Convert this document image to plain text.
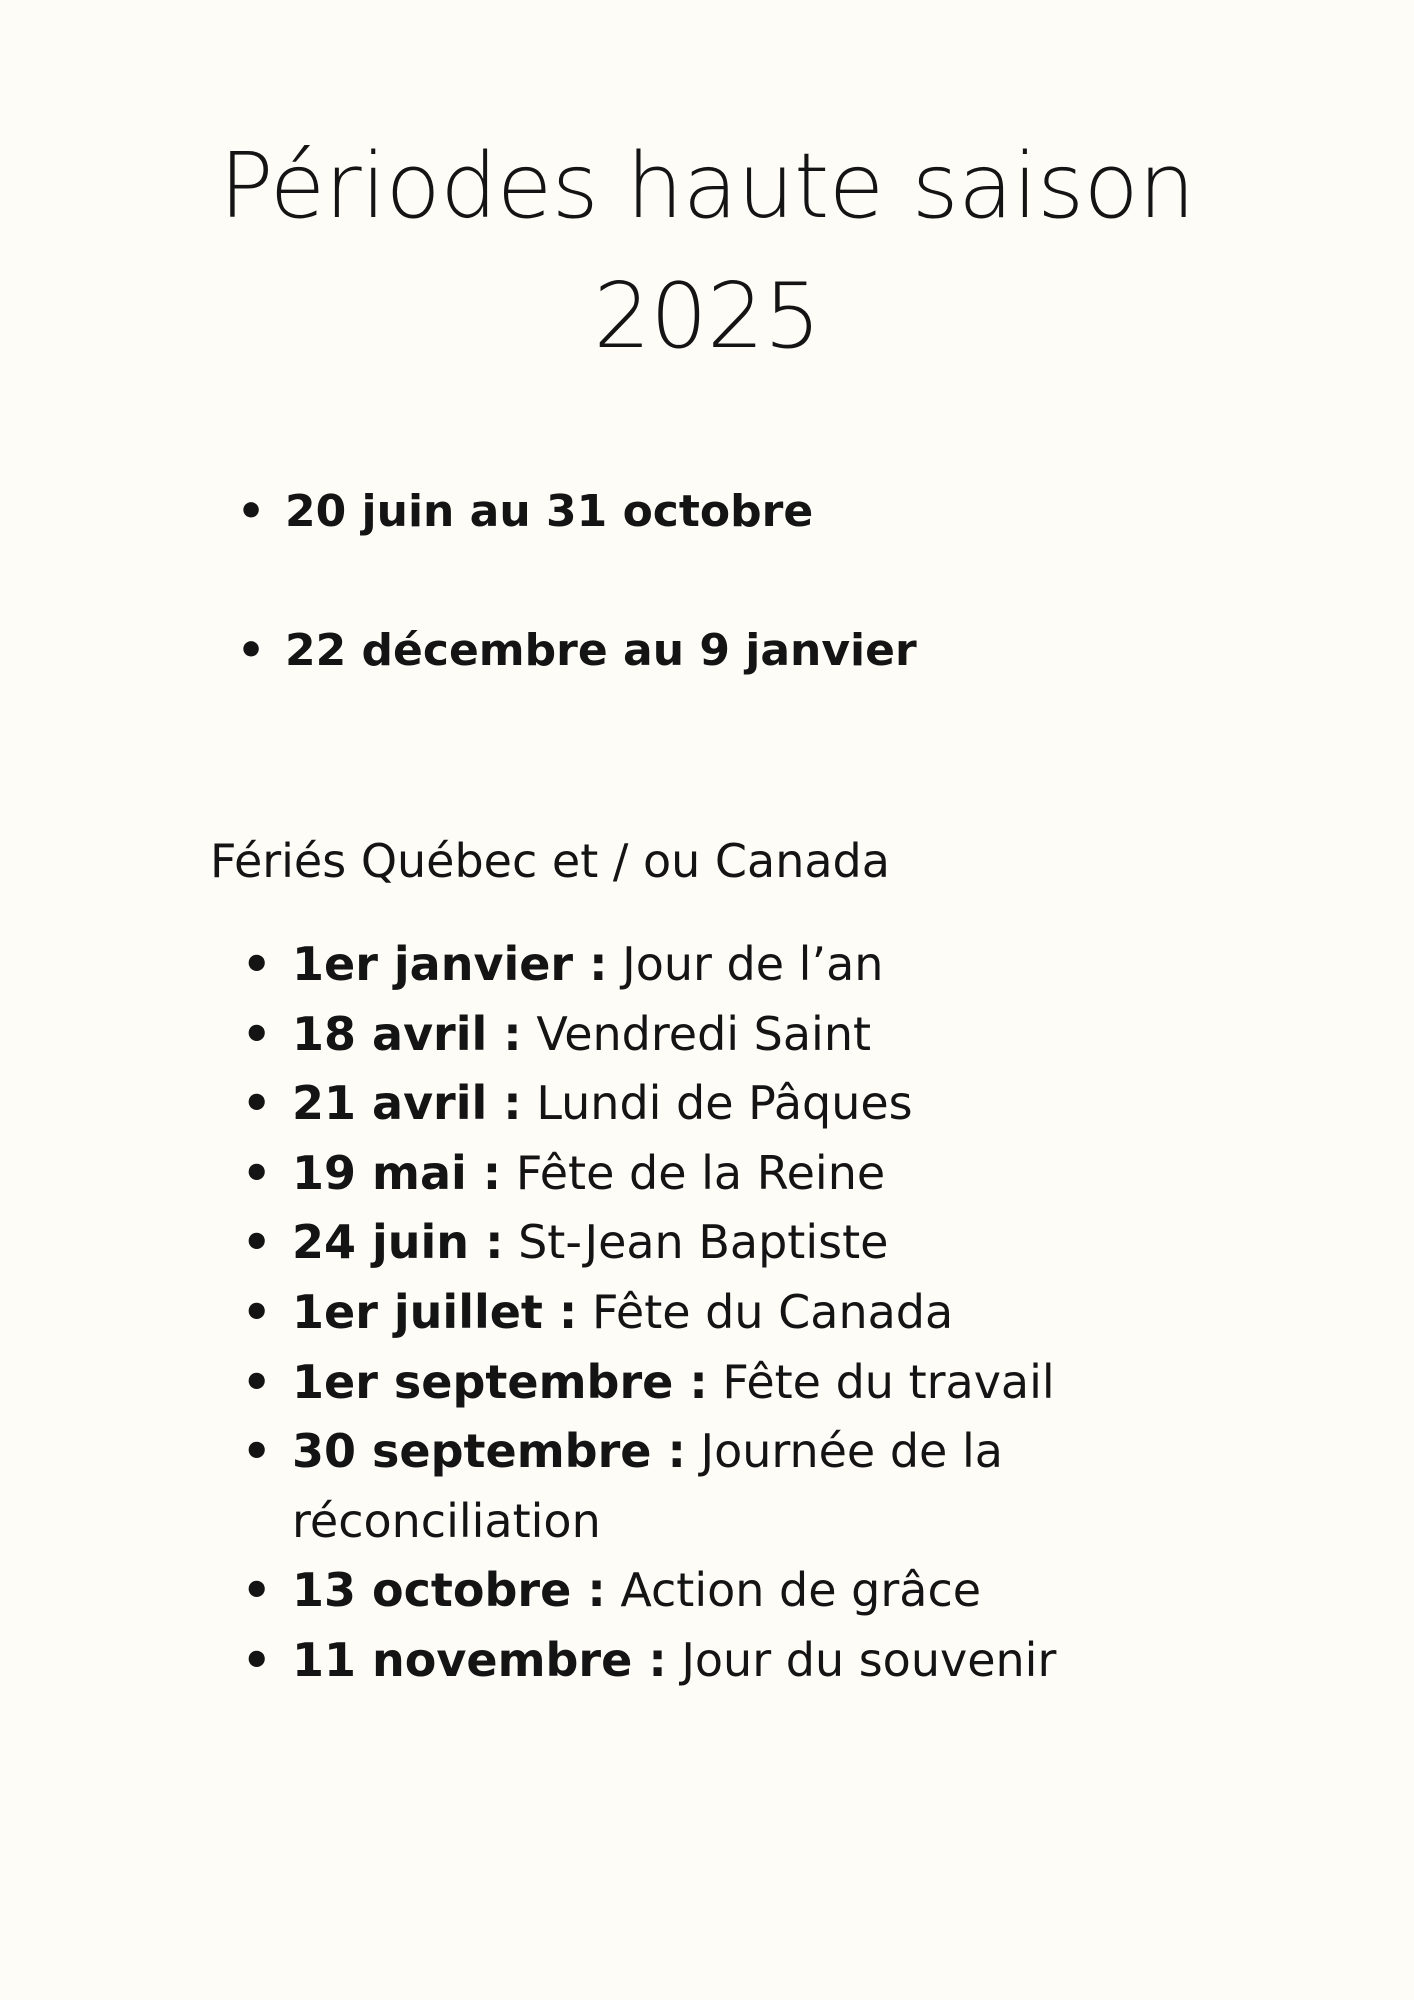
Périodes haute saison
2025
• 20 juin au 31 octobre
• 22 décembre au 9 janvier
Fériés Québec et / ou Canada
• 1er janvier : Jour de l’an
• 18 avril : Vendredi Saint
• 21 avril : Lundi de Pâques
• 19 mai : Fête de la Reine
• 24 juin : St-Jean Baptiste
• 1er juillet : Fête du Canada
• 1er septembre : Fête du travail
• 30 septembre : Journée de la
réconciliation
• 13 octobre : Action de grâce
• 11 novembre : Jour du souvenir
